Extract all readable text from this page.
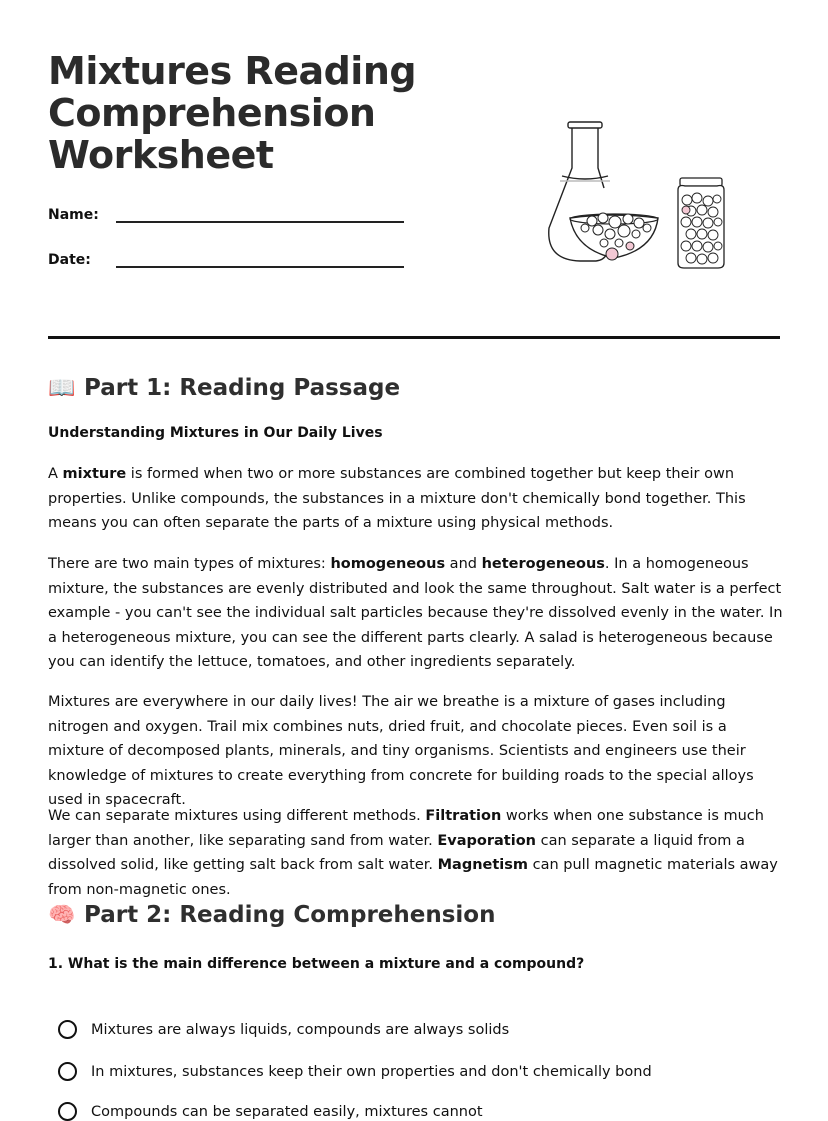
Mixtures Reading Comprehension Worksheet
Name:
Date:
📖 Part 1: Reading Passage
Understanding Mixtures in Our Daily Lives

A mixture is formed when two or more substances are combined together but keep their own properties. Unlike compounds, the substances in a mixture don't chemically bond together. This means you can often separate the parts of a mixture using physical methods.

There are two main types of mixtures: homogeneous and heterogeneous. In a homogeneous mixture, the substances are evenly distributed and look the same throughout. Salt water is a perfect example - you can't see the individual salt particles because they're dissolved evenly in the water. In a heterogeneous mixture, you can see the different parts clearly. A salad is heterogeneous because you can identify the lettuce, tomatoes, and other ingredients separately.

Mixtures are everywhere in our daily lives! The air we breathe is a mixture of gases including nitrogen and oxygen. Trail mix combines nuts, dried fruit, and chocolate pieces. Even soil is a mixture of decomposed plants, minerals, and tiny organisms. Scientists and engineers use their knowledge of mixtures to create everything from concrete for building roads to the special alloys used in spacecraft.

We can separate mixtures using different methods. Filtration works when one substance is much larger than another, like separating sand from water. Evaporation can separate a liquid from a dissolved solid, like getting salt back from salt water. Magnetism can pull magnetic materials away from non-magnetic ones.

🧠 Part 2: Reading Comprehension
1. What is the main difference between a mixture and a compound?
Mixtures are always liquids, compounds are always solids
In mixtures, substances keep their own properties and don't chemically bond
Compounds can be separated easily, mixtures cannot
